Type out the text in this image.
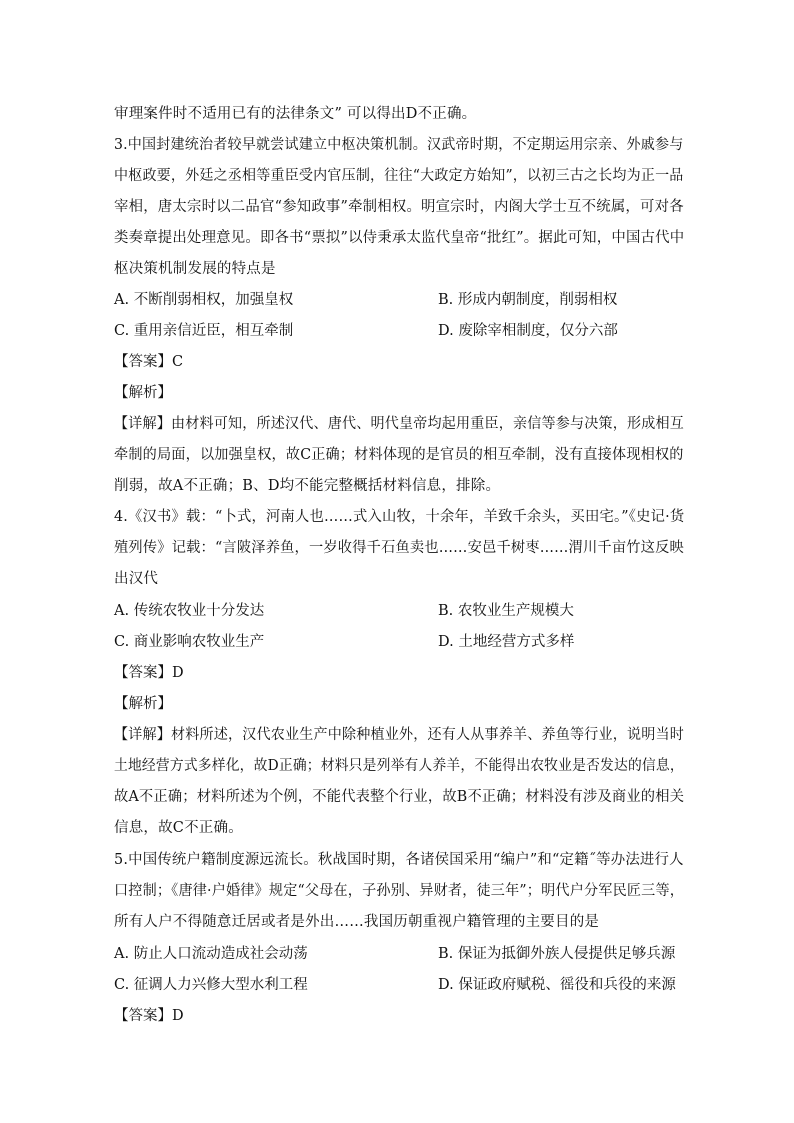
审理案件时不适用已有的法律条文” 可以得出D不正确。
3.中国封建统治者较早就尝试建立中枢决策机制。汉武帝时期，不定期运用宗亲、外戚参与
中枢政要，外廷之丞相等重臣受内官压制，往往“大政定方始知”，以初三古之长均为正一品
宰相，唐太宗时以二品官“参知政事”牵制相权。明宣宗时，内阁大学士互不统属，可对各
类奏章提出处理意见。即各书“票拟”以侍秉承太监代皇帝“批红”。据此可知，中国古代中
枢决策机制发展的特点是
A. 不断削弱相权，加强皇权	B. 形成内朝制度，削弱相权
C. 重用亲信近臣，相互牵制	D. 废除宰相制度，仅分六部
【答案】C
【解析】
【详解】由材料可知，所述汉代、唐代、明代皇帝均起用重臣，亲信等参与决策，形成相互
牵制的局面，以加强皇权，故C正确；材料体现的是官员的相互牵制，没有直接体现相权的
削弱，故A不正确；B、D均不能完整概括材料信息，排除。
4.《汉书》载：“卜式，河南人也……式入山牧，十余年，羊致千余头，买田宅。”《史记·货
殖列传》记载：“言陂泽养鱼，一岁收得千石鱼卖也……安邑千树枣……渭川千亩竹这反映
出汉代
A. 传统农牧业十分发达	B. 农牧业生产规模大
C. 商业影响农牧业生产	D. 土地经营方式多样
【答案】D
【解析】
【详解】材料所述，汉代农业生产中除种植业外，还有人从事养羊、养鱼等行业，说明当时
土地经营方式多样化，故D正确；材料只是列举有人养羊，不能得出农牧业是否发达的信息，
故A不正确；材料所述为个例，不能代表整个行业，故B不正确；材料没有涉及商业的相关
信息，故C不正确。
5.中国传统户籍制度源远流长。秋战国时期，各诸侯国采用“编户”和“定籍˝等办法进行人
口控制；《唐律·户婚律》规定“父母在，子孙别、异财者，徒三年”；明代户分军民匠三等，
所有人户不得随意迁居或者是外出……我国历朝重视户籍管理的主要目的是
A. 防止人口流动造成社会动荡	B. 保证为抵御外族人侵提供足够兵源
C. 征调人力兴修大型水利工程	D. 保证政府赋税、徭役和兵役的来源
【答案】D
